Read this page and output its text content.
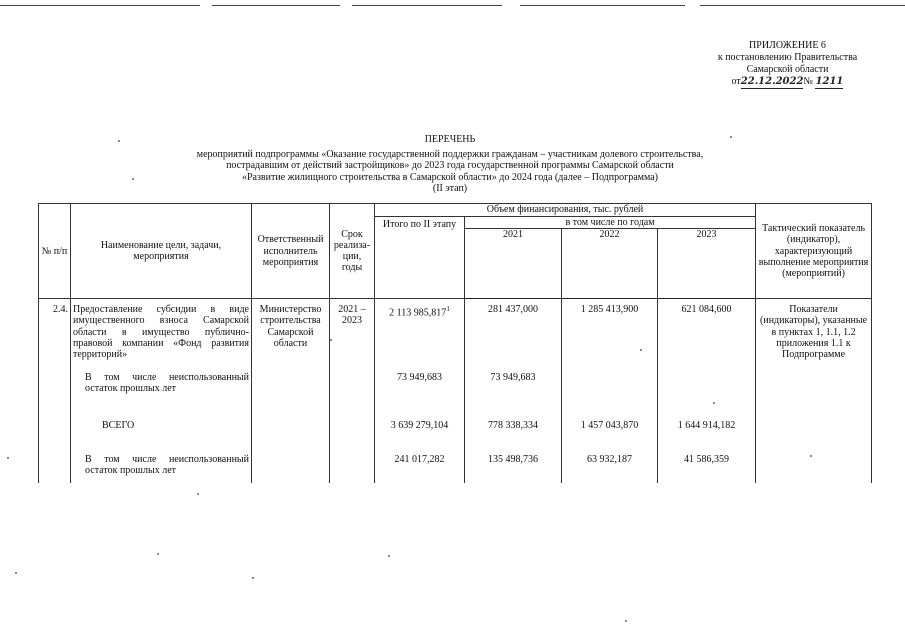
ПРИЛОЖЕНИЕ 6
к постановлению Правительства
Самарской области
от22.12.2022№ 1211
ПЕРЕЧЕНЬ
мероприятий подпрограммы «Оказание государственной поддержки гражданам – участникам долевого строительства,
пострадавшим от действий застройщиков» до 2023 года государственной программы Самарской области
«Развитие жилищного строительства в Самарской области» до 2024 года (далее – Подпрограмма)
(II этап)
№ п/п	Наименование цели, задачи, мероприятия	Ответственный исполнитель мероприятия	Срок реализа-ции, годы	Объем финансирования, тыс. рублей				Тактический показатель (индикатор), характеризующий выполнение мероприятия (мероприятий)
				Итого по II этапу	в том числе по годам			
					2021	2022	2023	
2.4.	Предоставление субсидии в виде имущественного взноса Самарской области в имущество публично-правовой компании «Фонд развития территорий»	Министерство строительства Самарской области	2021 – 2023	2 113 985,817$^1$	281 437,000	1 285 413,900	621 084,600	Показатели (индикаторы), указанные в пунктах 1, 1.1, 1.2 приложения 1.1 к Подпрограмме
	В том числе неиспользованный остаток прошлых лет			73 949,683	73 949,683			
	ВСЕГО			3 639 279,104	778 338,334	1 457 043,870	1 644 914,182	
	В том числе неиспользованный остаток прошлых лет			241 017,282	135 498,736	63 932,187	41 586,359	
